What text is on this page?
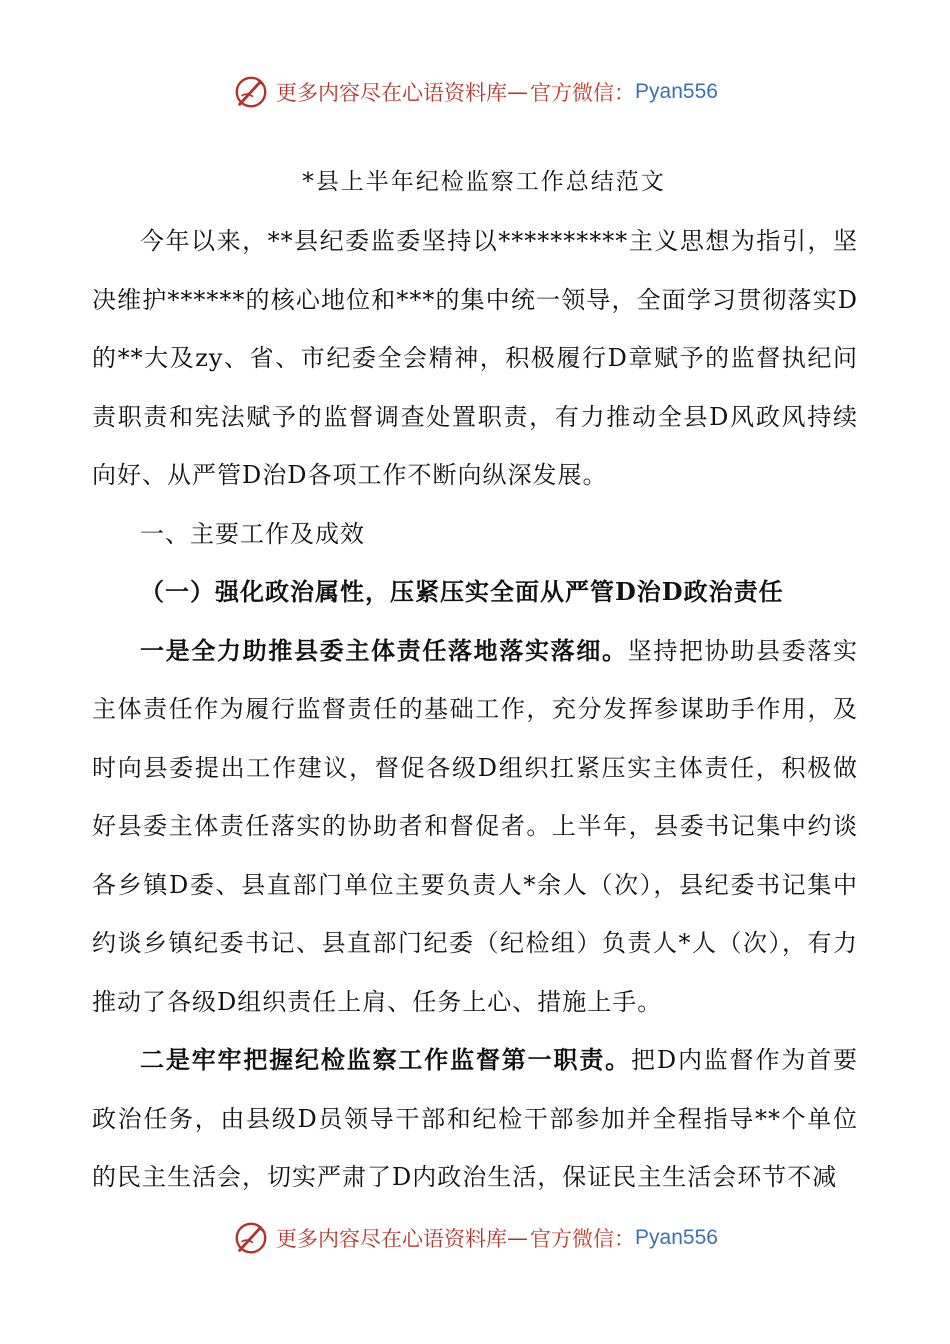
更多内容尽在心语资料库 — 官方微信： Pyan556
*县上半年纪检监察工作总结范文

今年以来，**县纪委监委坚持以**********主义思想为指引，坚决维护******的核心地位和***的集中统一领导，全面学习贯彻落实D的**大及zy、省、市纪委全会精神，积极履行D章赋予的监督执纪问责职责和宪法赋予的监督调查处置职责，有力推动全县D风政风持续向好、从严管D治D各项工作不断向纵深发展。

一、主要工作及成效

（一）强化政治属性，压紧压实全面从严管D治D政治责任

一是全力助推县委主体责任落地落实落细。坚持把协助县委落实主体责任作为履行监督责任的基础工作，充分发挥参谋助手作用，及时向县委提出工作建议，督促各级D组织扛紧压实主体责任，积极做好县委主体责任落实的协助者和督促者。上半年，县委书记集中约谈各乡镇D委、县直部门单位主要负责人*余人（次），县纪委书记集中约谈乡镇纪委书记、县直部门纪委（纪检组）负责人*人（次），有力推动了各级D组织责任上肩、任务上心、措施上手。

二是牢牢把握纪检监察工作监督第一职责。把D内监督作为首要政治任务，由县级D员领导干部和纪检干部参加并全程指导**个单位的民主生活会，切实严肃了D内政治生活，保证民主生活会环节不减

更多内容尽在心语资料库 — 官方微信： Pyan556
